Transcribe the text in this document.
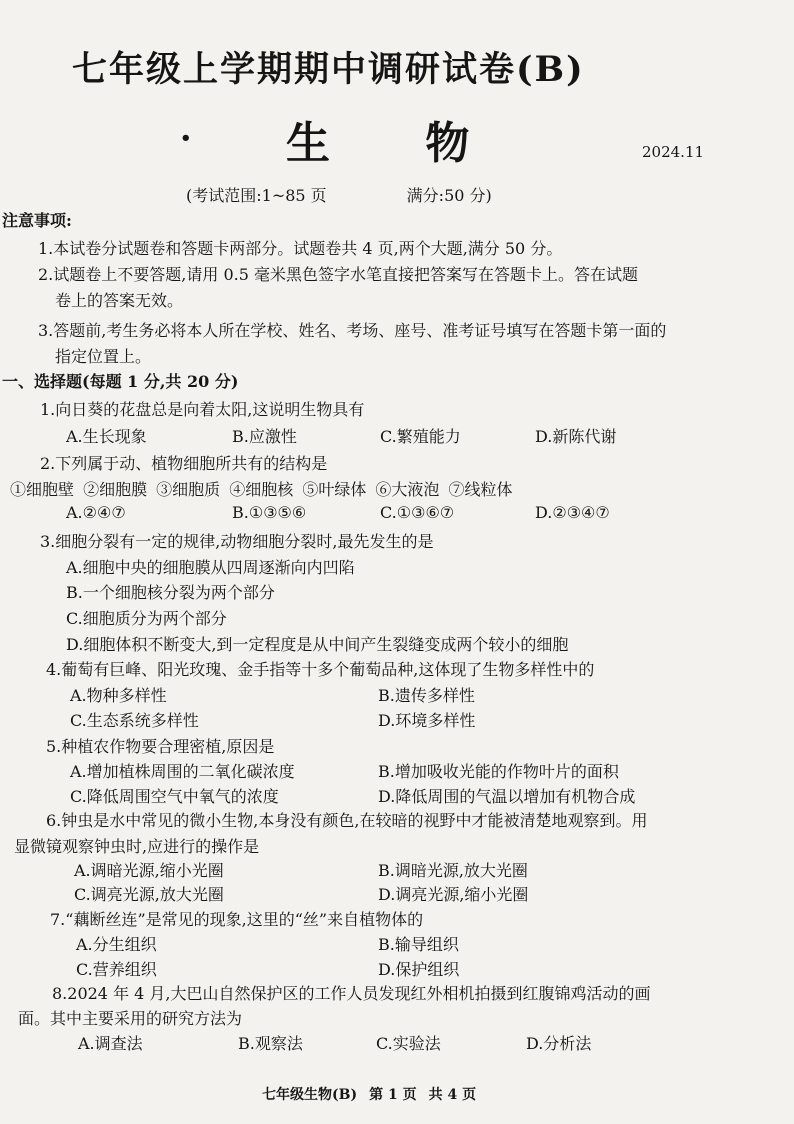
七年级上学期期中调研试卷(B)
• 生 物	2024.11
(考试范围:1~85 页	满分:50 分)
注意事项:
1.本试卷分试题卷和答题卡两部分。试题卷共 4 页,两个大题,满分 50 分。
2.试题卷上不要答题,请用 0.5 毫米黑色签字水笔直接把答案写在答题卡上。答在试题
卷上的答案无效。
3.答题前,考生务必将本人所在学校、姓名、考场、座号、准考证号填写在答题卡第一面的
指定位置上。
一、选择题(每题 1 分,共 20 分)
1.向日葵的花盘总是向着太阳,这说明生物具有
A.生长现象	B.应激性	C.繁殖能力	D.新陈代谢
2.下列属于动、植物细胞所共有的结构是
①细胞壁 ②细胞膜 ③细胞质 ④细胞核 ⑤叶绿体 ⑥大液泡 ⑦线粒体
A.②④⑦	B.①③⑤⑥	C.①③⑥⑦	D.②③④⑦
3.细胞分裂有一定的规律,动物细胞分裂时,最先发生的是
A.细胞中央的细胞膜从四周逐渐向内凹陷
B.一个细胞核分裂为两个部分
C.细胞质分为两个部分
D.细胞体积不断变大,到一定程度是从中间产生裂缝变成两个较小的细胞
4.葡萄有巨峰、阳光玫瑰、金手指等十多个葡萄品种,这体现了生物多样性中的
A.物种多样性	B.遗传多样性
C.生态系统多样性	D.环境多样性
5.种植农作物要合理密植,原因是
A.增加植株周围的二氧化碳浓度	B.增加吸收光能的作物叶片的面积
C.降低周围空气中氧气的浓度	D.降低周围的气温以增加有机物合成
6.钟虫是水中常见的微小生物,本身没有颜色,在较暗的视野中才能被清楚地观察到。用
显微镜观察钟虫时,应进行的操作是
A.调暗光源,缩小光圈	B.调暗光源,放大光圈
C.调亮光源,放大光圈	D.调亮光源,缩小光圈
7.“藕断丝连”是常见的现象,这里的“丝”来自植物体的
A.分生组织	B.输导组织
C.营养组织	D.保护组织
8.2024 年 4 月,大巴山自然保护区的工作人员发现红外相机拍摄到红腹锦鸡活动的画
面。其中主要采用的研究方法为
A.调查法	B.观察法	C.实验法	D.分析法
七年级生物(B) 第 1 页 共 4 页
